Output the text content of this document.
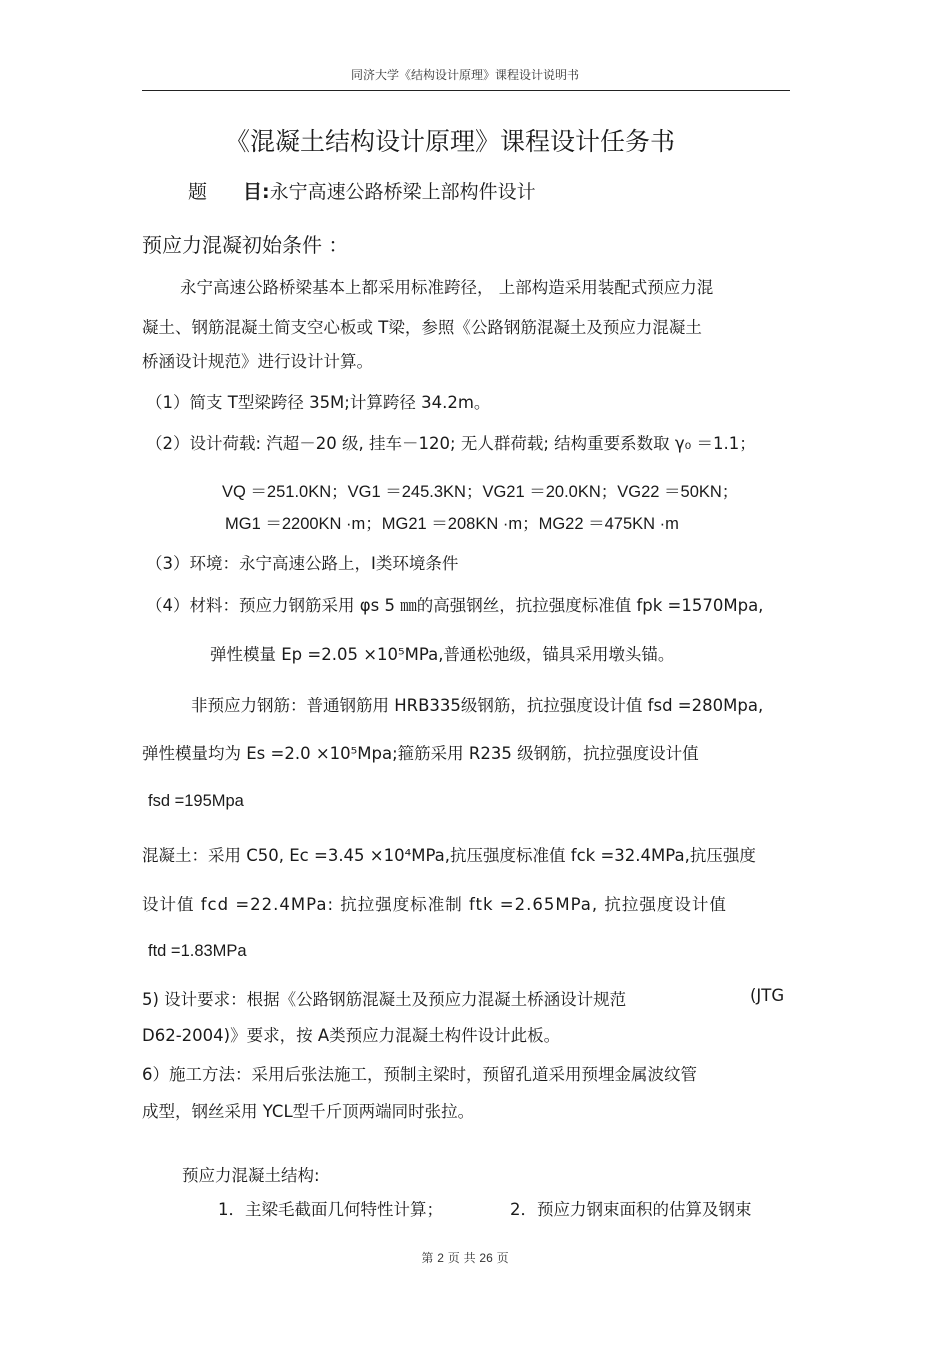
同济大学《结构设计原理》课程设计说明书
《混凝土结构设计原理》课程设计任务书
题 目:永宁高速公路桥梁上部构件设计
预应力混凝初始条件 ：
永宁高速公路桥梁基本上都采用标准跨径， 上部构造采用装配式预应力混
凝土、钢筋混凝土简支空心板或 T梁，参照《公路钢筋混凝土及预应力混凝土
桥涵设计规范》进行设计计算。
（1）简支 T型梁跨径 35M;计算跨径 34.2m。
（2）设计荷载: 汽超－20 级, 挂车－120; 无人群荷载; 结构重要系数取 γ₀ ＝1.1；
VQ ＝251.0KN；VG1 ＝245.3KN；VG21 ＝20.0KN；VG22 ＝50KN；
MG1 ＝2200KN ·m；MG21 ＝208KN ·m；MG22 ＝475KN ·m
（3）环境：永宁高速公路上，Ⅰ类环境条件
（4）材料：预应力钢筋采用 φs 5 ㎜的高强钢丝，抗拉强度标准值 fpk =1570Mpa,
弹性模量 Ep =2.05 ×10⁵MPa,普通松弛级，锚具采用墩头锚。
非预应力钢筋：普通钢筋用 HRB335级钢筋，抗拉强度设计值 fsd =280Mpa,
弹性模量均为 Es =2.0 ×10⁵Mpa;箍筋采用 R235 级钢筋，抗拉强度设计值
fsd =195Mpa
混凝土：采用 C50, Ec =3.45 ×10⁴MPa,抗压强度标准值 fck =32.4MPa,抗压强度
设计值 fcd =22.4MPa: 抗拉强度标准制 ftk =2.65MPa, 抗拉强度设计值
ftd =1.83MPa
5) 设计要求：根据《公路钢筋混凝土及预应力混凝土桥涵设计规范	(JTG
D62-2004)》要求，按 A类预应力混凝土构件设计此板。
6）施工方法：采用后张法施工，预制主梁时，预留孔道采用预埋金属波纹管
成型，钢丝采用 YCL型千斤顶两端同时张拉。
预应力混凝土结构:
1．主梁毛截面几何特性计算；	2．预应力钢束面积的估算及钢束
第 2 页 共 26 页
